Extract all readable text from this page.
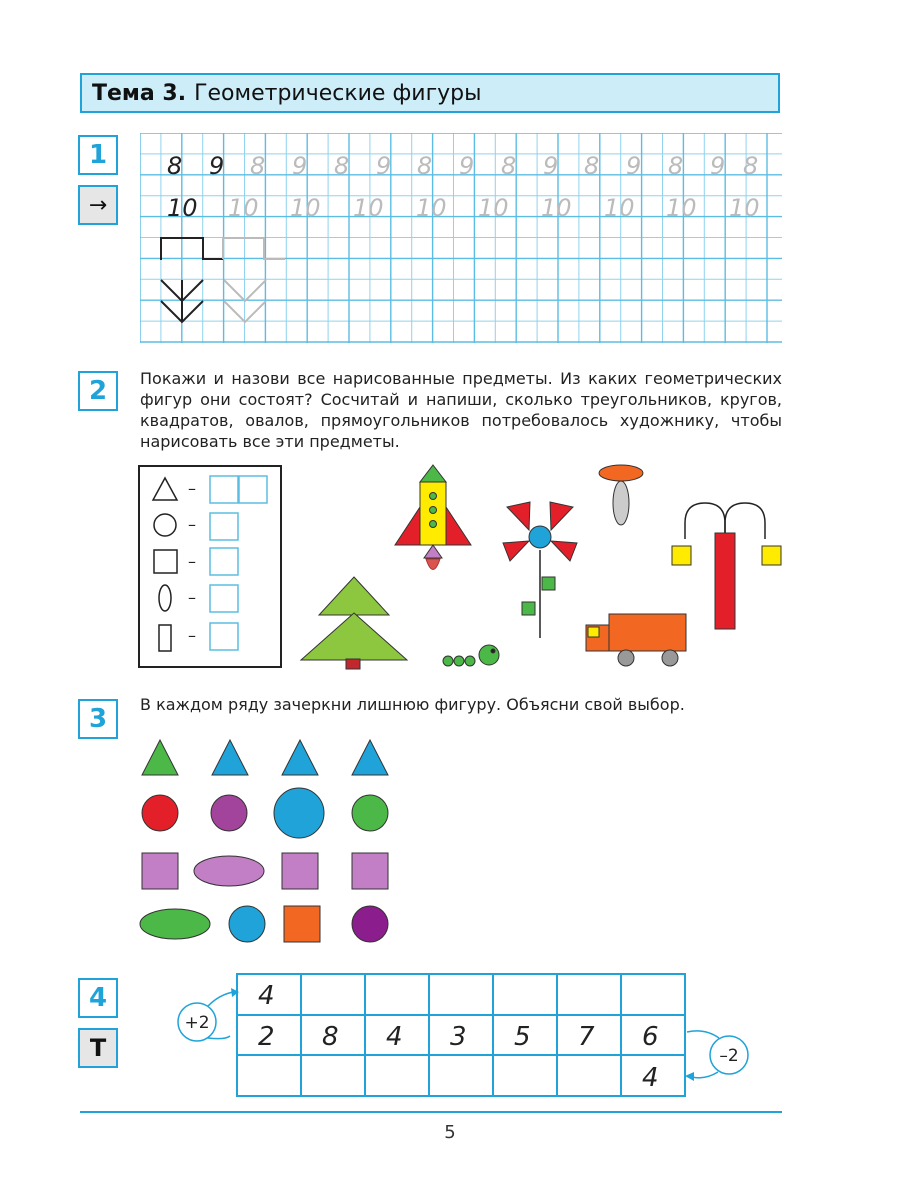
Тема 3. Геометрические фигуры
1
→
8 9 8 9 8 9 8 9 8 9 8 9 8 9 8
10 10 10 10 10 10 10 10 10 10
2	Покажи и назови все нарисованные предметы. Из каких геометрических фигур они состоят? Сосчитай и напиши, сколько треугольников, кругов, квадратов, овалов, прямоугольников потребовалось художнику, чтобы нарисовать все эти предметы.
–
–
–
–
–
3	В каждом ряду зачеркни лишнюю фигуру. Объясни свой выбор.
4
Т
4
2 8 4 3 5 7 6
4
+2
–2
5
